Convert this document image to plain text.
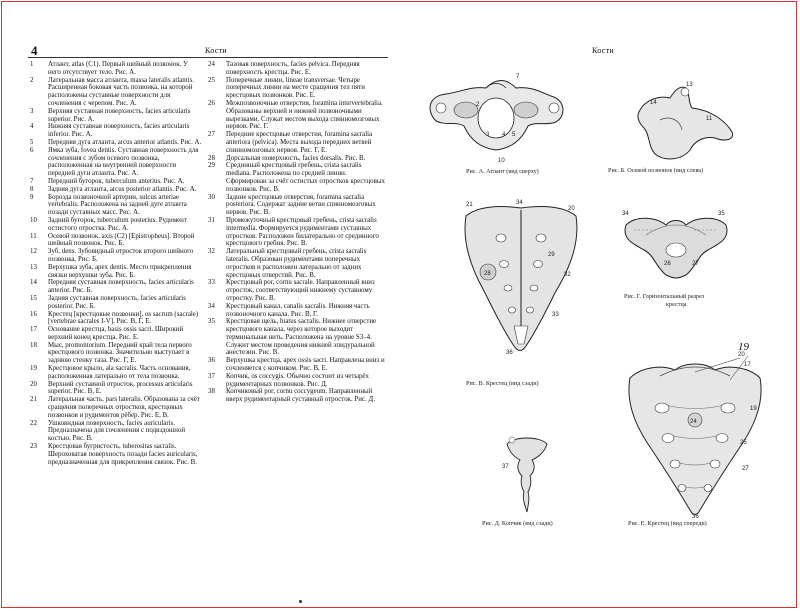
4	Кости
1	Атлант, atlas (C1). Первый шейный позвонок. У него отсутствует тело. Рис. А.
2	Латеральная масса атланта, massa lateralis atlantis. Расширенная боковая часть позвонка, на которой расположены суставные поверхности для сочленения с черепом. Рис. А.
3	Верхняя суставная поверхность, facies articularis superior. Рис. А.
4	Нижняя суставная поверхность, facies articularis inferior. Рис. А.
5	Передняя дуга атланта, arcus anterior atlantis. Рис. А.
6	Ямка зуба, fovea dentis. Суставная поверхность для сочленения с зубом осевого позвонка, расположенная на внутренней поверхности передней дуги атланта. Рис. А.
7	Передний бугорок, tuberculum anterius. Рис. А.
8	Задняя дуга атланта, arcus posterior atlantis. Рис. А.
9	Борозда позвоночной артерии, sulcus arteriae vertebralis. Расположена на задней дуге атланта позади суставных масс. Рис. А.
10	Задний бугорок, tuberculum posterius. Рудимент остистого отростка. Рис. А.
11	Осевой позвонок, axis (C2) [Epistropheus]. Второй шейный позвонок. Рис. Б.
12	Зуб, dens. Зубовидный отросток второго шейного позвонка. Рис. Б.
13	Верхушка зуба, apex dentis. Место прикрепления связки верхушки зуба. Рис. Б.
14	Передняя суставная поверхность, facies articularis anterior. Рис. Б.
15	Задняя суставная поверхность, facies articularis posterior. Рис. Б.
16	Крестец [крестцовые позвонки], os sacrum (sacrale) [vertebrae sacrales I-V]. Рис. В, Г, Е.
17	Основание крестца, basis ossis sacri. Широкий верхний конец крестца. Рис. Е.
18	Мыс, promontorium. Передний край тела первого крестцового позвонка. Значительно выступает в заднюю стенку таза. Рис. Г, Е.
19	Крестцовое крыло, ala sacralis. Часть основания, расположенная латерально от тела позвонка.
20	Верхний суставной отросток, processus articularis superior. Рис. В, Е.
21	Латеральная часть, pars lateralis. Образована за счёт сращения поперечных отростков, крестцовых позвонков и рудиментов рёбер. Рис. Е, В.
22	Ушковидная поверхность, facies auricularis. Предназначена для сочленения с подвздошной костью. Рис. В.
23	Крестцовая бугристость, tuberositas sacralis. Шероховатая поверхность позади facies auricularis, предназначенная для прикрепления связок. Рис. В.
24	Тазовая поверхность, facies pelvica. Передняя поверхность крестца. Рис. Е.
25	Поперечные линии, lineae transversae. Четыре поперечных линии на месте сращения тел пяти крестцовых позвонков. Рис. Е.
26	Межпозвоночные отверстия, foramina intervertebralia. Образованы верхней и нижней позвоночными вырезками. Служат местом выхода спинномозговых нервов. Рис. Г.
27	Передние крестцовые отверстия, foramina sacralia anteriora (pelvica). Места выхода передних ветвей спинномозговых нервов. Рис. Г, Е.
28	Дорсальная поверхность, facies dorsalis. Рис. В.
29	Срединный крестцовый гребень, crista sacralis mediana. Расположена по средней линии. Сформирован за счёт остистых отростков крестцовых позвонков. Рис. В.
30	Задние крестцовые отверстия, foramina sacralia posteriora. Содержат задние ветви спинномозговых нервов. Рис. В.
31	Промежуточный крестцовый гребень, crista sacralis intermedia. Формируется рудиментами суставных отростков. Расположен билатерально от срединного крестцового гребня. Рис. В.
32	Латеральный крестцовый гребень, crista sacralis lateralis. Образован рудиментами поперечных отростков и расположен латерально от задних крестцовых отверстий. Рис. В.
33	Крестцовый рог, cornu sacrale. Направленный вниз отросток, соответствующий нижнему суставному отростку. Рис. В.
34	Крестцовый канал, canalis sacralis. Нижняя часть позвоночного канала. Рис. В, Г.
35	Крестцовая щель, hiatus sacralis. Нижнее отверстие крестцового канала, через которое выходит терминальная нить. Расположена на уровне S3–4. Служит местом проведения нижней эпидуральной анестезии. Рис. В.
36	Верхушка крестца, apex ossis sacri. Направлена вниз и сочленяется с копчиком. Рис. В, Е.
37	Копчик, os coccygis. Обычно состоит из четырёх рудиментарных позвонков. Рис. Д.
38	Копчиковый рог, cornu coccygeum. Направленный вверх рудиментарный суставный отросток. Рис. Д.
Кости
7
2
3 4 5
10
Рис. А. Атлант (вид сверху)
13
11
14
Рис. Б. Осевой позвонок (вид слева)
34	35
26	27
Рис. Г. Горизонтальный разрез
крестца
21	34
20
28
29
32
33
36
Рис. В. Крестец (вид сзади)
37
Рис. Д. Копчик (вид сзади)
20
17
24
19
25
27
36
Рис. Е. Крестец (вид спереди)
19
